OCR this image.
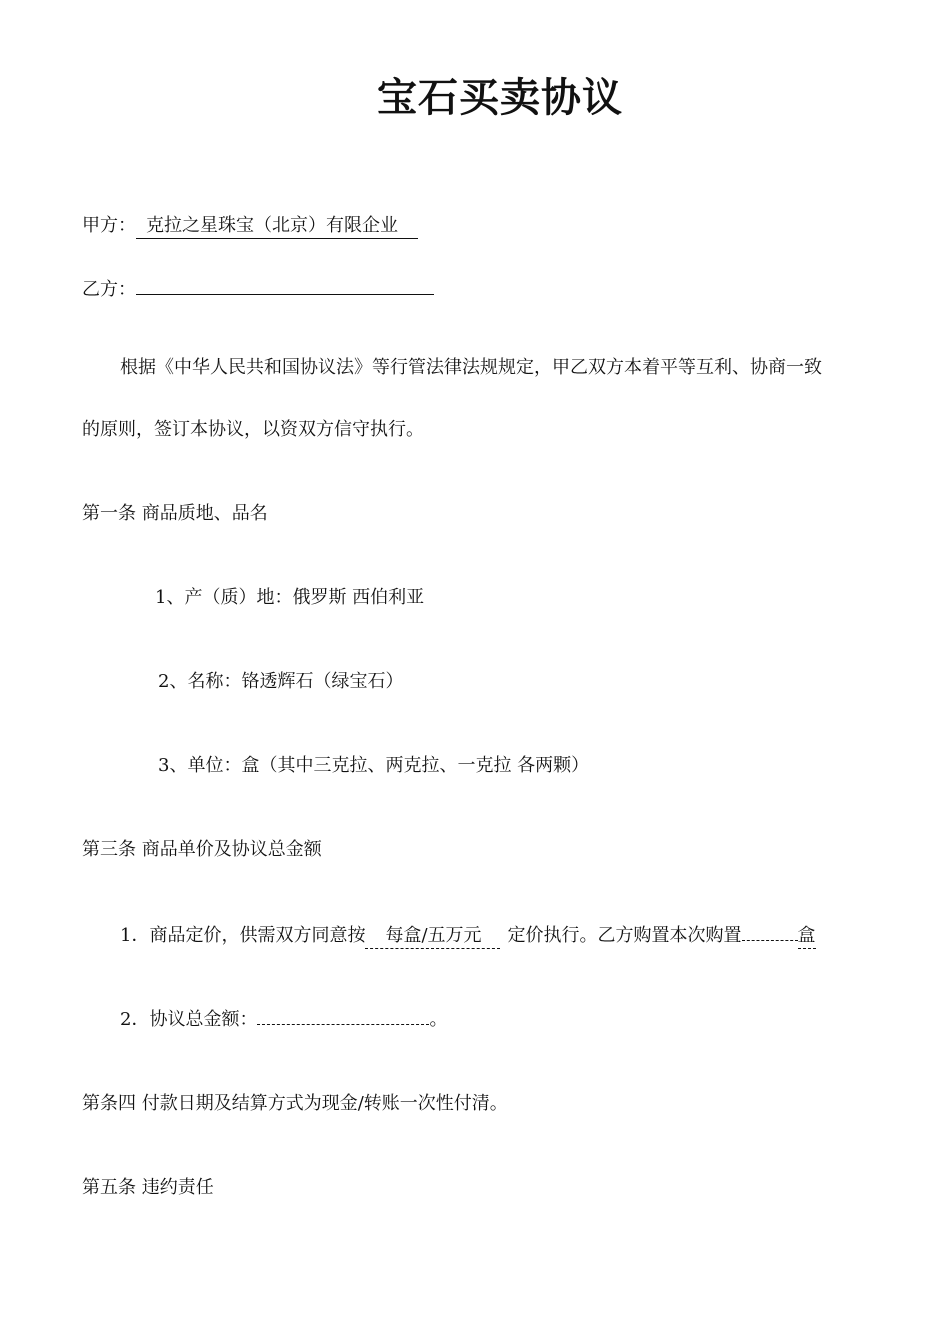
宝石买卖协议
甲方： 克拉之星珠宝（北京）有限企业
乙方：
根据《中华人民共和国协议法》等行管法律法规规定，甲乙双方本着平等互利、协商一致
的原则，签订本协议，以资双方信守执行。
第一条 商品质地、品名
1、产（质）地：俄罗斯 西伯利亚
2、名称：铬透辉石（绿宝石）
3、单位：盒（其中三克拉、两克拉、一克拉 各两颗）
第三条 商品单价及协议总金额
1．商品定价，供需双方同意按 每盒/五万元 定价执行。乙方购置本次购置	盒
2．协议总金额：	。
第条四 付款日期及结算方式为现金/转账一次性付清。
第五条 违约责任
